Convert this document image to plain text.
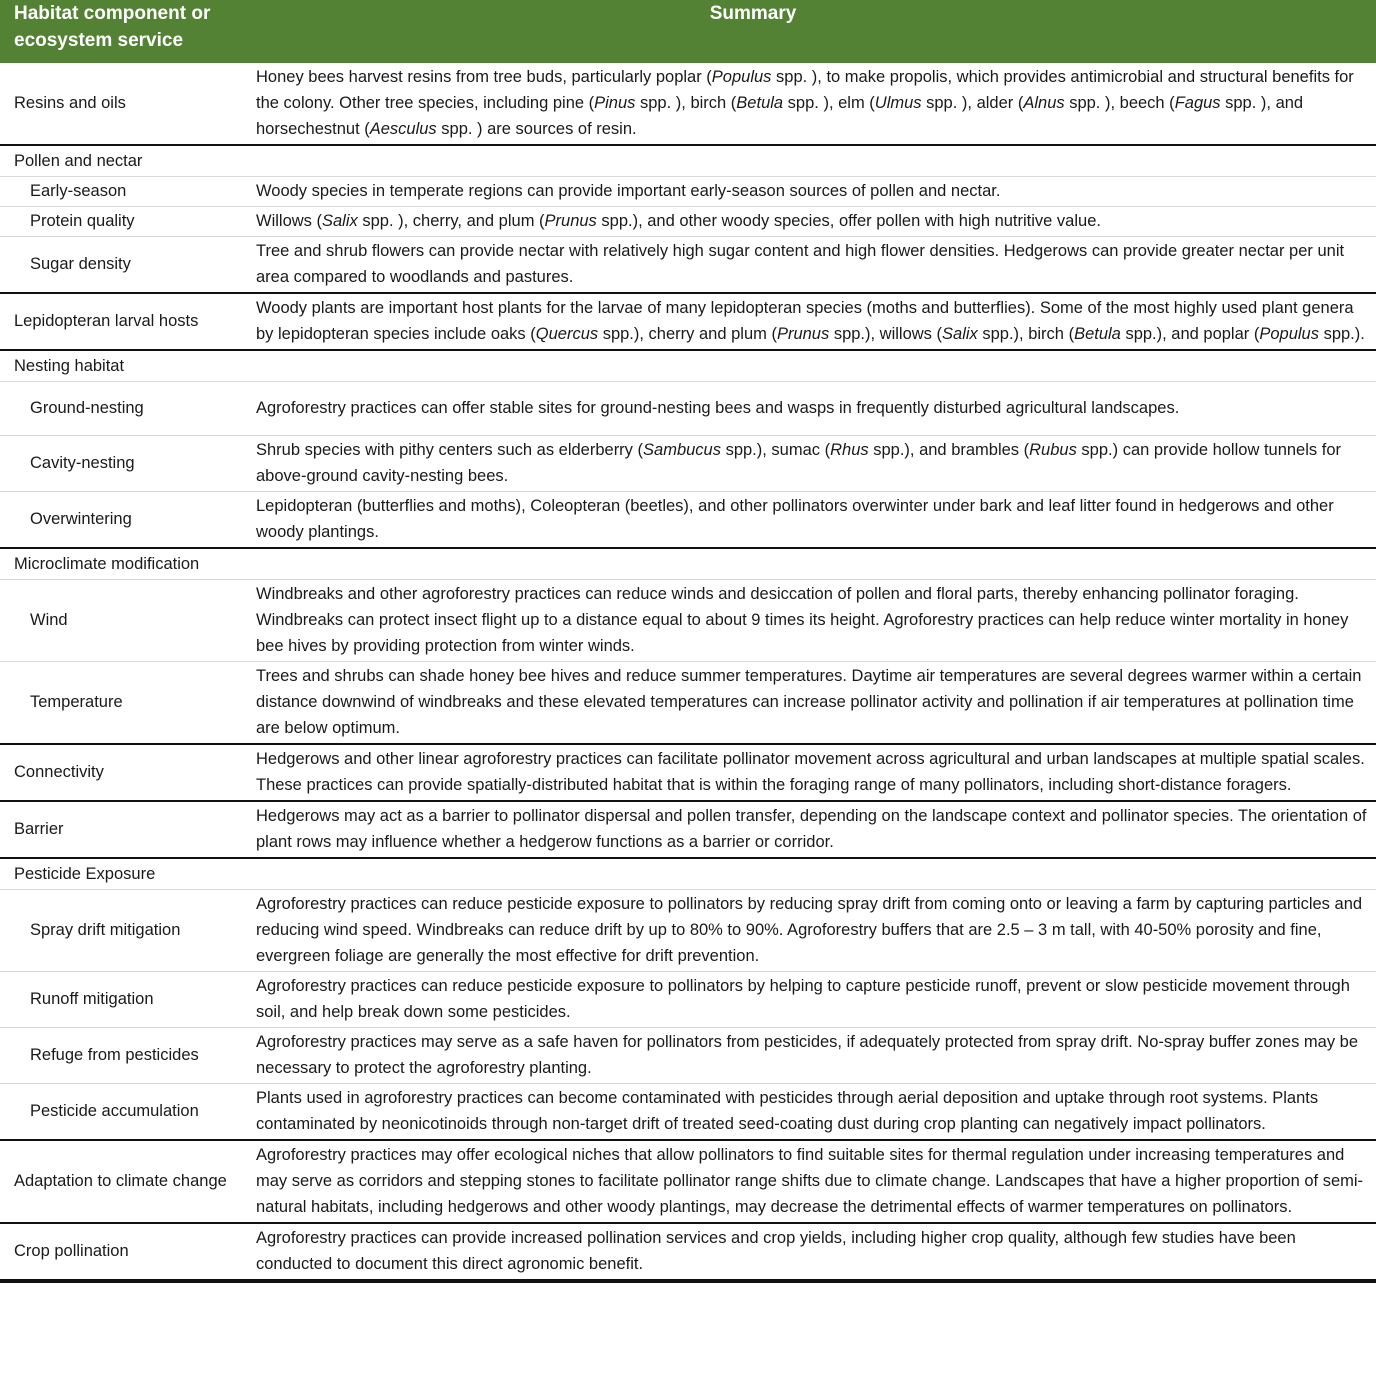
Habitat component or ecosystem service	Summary
Resins and oils	Honey bees harvest resins from tree buds, particularly poplar (Populus spp. ), to make propolis, which provides antimicrobial and structural benefits for the colony. Other tree species, including pine (Pinus spp. ), birch (Betula spp. ), elm (Ulmus spp. ), alder (Alnus spp. ), beech (Fagus spp. ), and horsechestnut (Aesculus spp. ) are sources of resin.
Pollen and nectar	
Early-season	Woody species in temperate regions can provide important early-season sources of pollen and nectar.
Protein quality	Willows (Salix spp. ), cherry, and plum (Prunus spp.), and other woody species, offer pollen with high nutritive value.
Sugar density	Tree and shrub flowers can provide nectar with relatively high sugar content and high flower densities. Hedgerows can provide greater nectar per unit area compared to woodlands and pastures.
Lepidopteran larval hosts	Woody plants are important host plants for the larvae of many lepidopteran species (moths and butterflies). Some of the most highly used plant genera by lepidopteran species include oaks (Quercus spp.), cherry and plum (Prunus spp.), willows (Salix spp.), birch (Betula spp.), and poplar (Populus spp.).
Nesting habitat	
Ground-nesting	Agroforestry practices can offer stable sites for ground-nesting bees and wasps in frequently disturbed agricultural landscapes.
Cavity-nesting	Shrub species with pithy centers such as elderberry (Sambucus spp.), sumac (Rhus spp.), and brambles (Rubus spp.) can provide hollow tunnels for above-ground cavity-nesting bees.
Overwintering	Lepidopteran (butterflies and moths), Coleopteran (beetles), and other pollinators overwinter under bark and leaf litter found in hedgerows and other woody plantings.
Microclimate modification	
Wind	Windbreaks and other agroforestry practices can reduce winds and desiccation of pollen and floral parts, thereby enhancing pollinator foraging. Windbreaks can protect insect flight up to a distance equal to about 9 times its height. Agroforestry practices can help reduce winter mortality in honey bee hives by providing protection from winter winds.
Temperature	Trees and shrubs can shade honey bee hives and reduce summer temperatures. Daytime air temperatures are several degrees warmer within a certain distance downwind of windbreaks and these elevated temperatures can increase pollinator activity and pollination if air temperatures at pollination time are below optimum.
Connectivity	Hedgerows and other linear agroforestry practices can facilitate pollinator movement across agricultural and urban landscapes at multiple spatial scales. These practices can provide spatially-distributed habitat that is within the foraging range of many pollinators, including short-distance foragers.
Barrier	Hedgerows may act as a barrier to pollinator dispersal and pollen transfer, depending on the landscape context and pollinator species. The orientation of plant rows may influence whether a hedgerow functions as a barrier or corridor.
Pesticide Exposure	
Spray drift mitigation	Agroforestry practices can reduce pesticide exposure to pollinators by reducing spray drift from coming onto or leaving a farm by capturing particles and reducing wind speed. Windbreaks can reduce drift by up to 80% to 90%. Agroforestry buffers that are 2.5 – 3 m tall, with 40-50% porosity and fine, evergreen foliage are generally the most effective for drift prevention.
Runoff mitigation	Agroforestry practices can reduce pesticide exposure to pollinators by helping to capture pesticide runoff, prevent or slow pesticide movement through soil, and help break down some pesticides.
Refuge from pesticides	Agroforestry practices may serve as a safe haven for pollinators from pesticides, if adequately protected from spray drift. No-spray buffer zones may be necessary to protect the agroforestry planting.
Pesticide accumulation	Plants used in agroforestry practices can become contaminated with pesticides through aerial deposition and uptake through root systems. Plants contaminated by neonicotinoids through non-target drift of treated seed-coating dust during crop planting can negatively impact pollinators.
Adaptation to climate change	Agroforestry practices may offer ecological niches that allow pollinators to find suitable sites for thermal regulation under increasing temperatures and may serve as corridors and stepping stones to facilitate pollinator range shifts due to climate change. Landscapes that have a higher proportion of semi-natural habitats, including hedgerows and other woody plantings, may decrease the detrimental effects of warmer temperatures on pollinators.
Crop pollination	Agroforestry practices can provide increased pollination services and crop yields, including higher crop quality, although few studies have been conducted to document this direct agronomic benefit.
